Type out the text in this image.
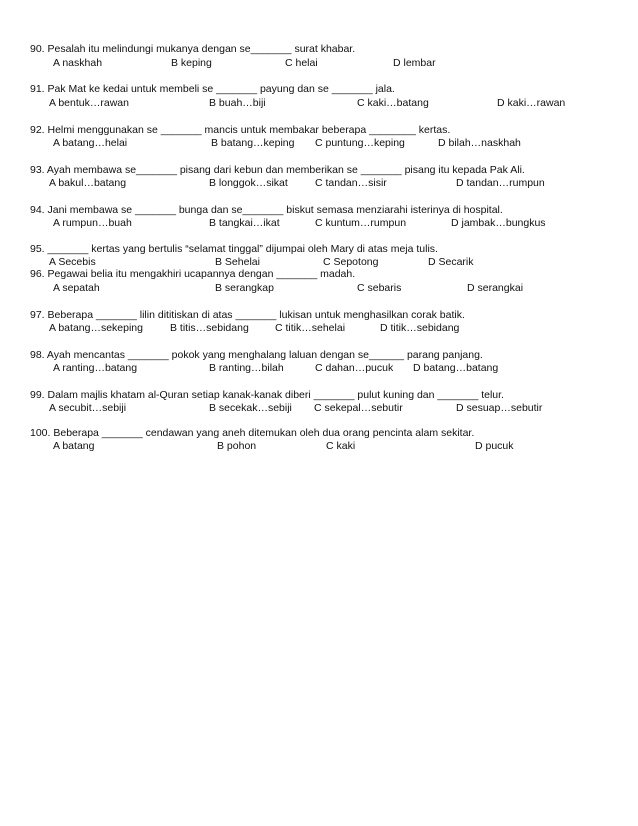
90. Pesalah itu melindungi mukanya dengan se_______ surat khabar.
A naskhah	B keping	C helai	D lembar
91. Pak Mat ke kedai untuk membeli se _______ payung dan se _______ jala.
A bentuk…rawan	B buah…biji	C kaki…batang	D kaki…rawan
92. Helmi menggunakan se _______ mancis untuk membakar beberapa ________ kertas.
A batang…helai	B batang…keping C puntung…keping	D bilah…naskhah
93. Ayah membawa se_______ pisang dari kebun dan memberikan se _______ pisang itu kepada Pak Ali.
A bakul…batang	B longgok…sikat	C tandan…sisir	D tandan…rumpun
94. Jani membawa se _______ bunga dan se_______ biskut semasa menziarahi isterinya di hospital.
A rumpun…buah	B tangkai…ikat	C kuntum…rumpun	D jambak…bungkus
95. _______ kertas yang bertulis “selamat tinggal” dijumpai oleh Mary di atas meja tulis.
A Secebis	B Sehelai	C Sepotong	D Secarik
96. Pegawai belia itu mengakhiri ucapannya dengan _______ madah.
A sepatah	B serangkap	C sebaris	D serangkai
97. Beberapa _______ lilin dititiskan di atas _______ lukisan untuk menghasilkan corak batik.
A batang…sekeping	B titis…sebidang C titik…sehelai	D titik…sebidang
98. Ayah mencantas _______ pokok yang menghalang laluan dengan se______ parang panjang.
A ranting…batang	B ranting…bilah	C dahan…pucuk D batang…batang
99. Dalam majlis khatam al-Quran setiap kanak-kanak diberi _______ pulut kuning dan _______ telur.
A secubit…sebiji	B secekak…sebiji C sekepal…sebutir	D sesuap…sebutir
100. Beberapa _______ cendawan yang aneh ditemukan oleh dua orang pencinta alam sekitar.
A batang	B pohon	C kaki	D pucuk
